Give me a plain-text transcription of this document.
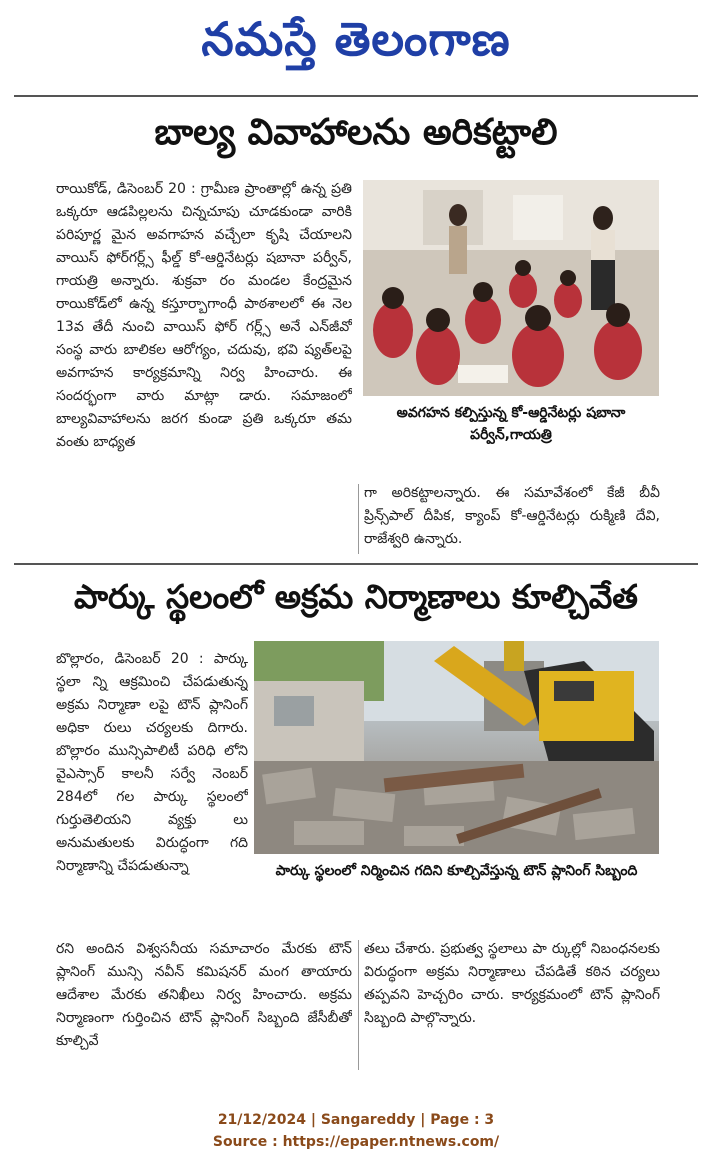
నమస్తే తెలంగాణ
బాల్య వివాహాలను అరికట్టాలి
రాయికోడ్, డిసెంబర్ 20 : గ్రామీణ ప్రాంతాల్లో ఉన్న ప్రతి ఒక్కరూ ఆడపిల్లలను చిన్నచూపు చూడకుండా వారికి పరిపూర్ణ మైన అవగాహన వచ్చేలా కృషి చేయాలని వాయిస్ ఫోర్‌గర్ల్స్ ఫీల్డ్ కో-ఆర్డినేటర్లు షబానా పర్వీన్, గాయత్రి అన్నారు. శుక్రవా రం మండల కేంద్రమైన రాయికోడ్‌లో ఉన్న కస్తూర్బాగాంధీ పాఠశాలలో ఈ నెల 13వ తేదీ నుంచి వాయిస్ ఫోర్ గర్ల్స్ అనే ఎన్‌జీవో సంస్థ వారు బాలికల ఆరోగ్యం, చదువు, భవి ష్యత్‌లపై అవగాహన కార్యక్రమాన్ని నిర్వ హించారు. ఈ సందర్భంగా వారు మాట్లా డారు. సమాజంలో బాల్యవివాహాలను జరగ కుండా ప్రతి ఒక్కరూ తమ వంతు బాధ్యత
అవగహన కల్పిస్తున్న కో-ఆర్డినేటర్లు షబానా పర్వీన్,గాయత్రి
గా అరికట్టాలన్నారు. ఈ సమావేశంలో కేజీ బీవీ ప్రిన్స్‌పాల్ దీపిక, క్యాంప్ కో-ఆర్డినేటర్లు రుక్మిణి దేవి, రాజేశ్వరి ఉన్నారు.
పార్కు స్థలంలో అక్రమ నిర్మాణాలు కూల్చివేత
బొల్లారం, డిసెంబర్ 20 : పార్కు స్థలా న్ని ఆక్రమించి చేపడుతున్న అక్రమ నిర్మాణా లపై టౌన్ ప్లానింగ్ అధికా రులు చర్యలకు దిగారు. బొల్లారం మున్సిపాలిటీ పరిధి లోని వైఎస్సార్ కాలనీ సర్వే నెంబర్ 284లో గల పార్కు స్థలంలో గుర్తుతెలియని వ్యక్తు లు అనుమతులకు విరుద్ధంగా గది నిర్మాణాన్ని చేపడుతున్నా	పార్కు స్థలంలో నిర్మించిన గదిని కూల్చివేస్తున్న టౌన్ ప్లానింగ్ సిబ్బంది
రని అందిన విశ్వసనీయ సమాచారం మేరకు టౌన్ ప్లానింగ్ మున్సి నవీన్ కమిషనర్ మంగ తాయారు ఆదేశాల మేరకు తనిఖీలు నిర్వ హించారు. అక్రమ నిర్మాణంగా గుర్తించిన టౌన్ ప్లానింగ్ సిబ్బంది జేసీబీతో కూల్చివే
తలు చేశారు. ప్రభుత్వ స్థలాలు పా ర్కుల్లో నిబంధనలకు విరుద్ధంగా అక్రమ నిర్మాణాలు చేపడితే కఠిన చర్యలు తప్పవని హెచ్చరిం చారు. కార్యక్రమంలో టౌన్ ప్లానింగ్ సిబ్బంది పాల్గొన్నారు.
21/12/2024 | Sangareddy | Page : 3
Source : https://epaper.ntnews.com/
